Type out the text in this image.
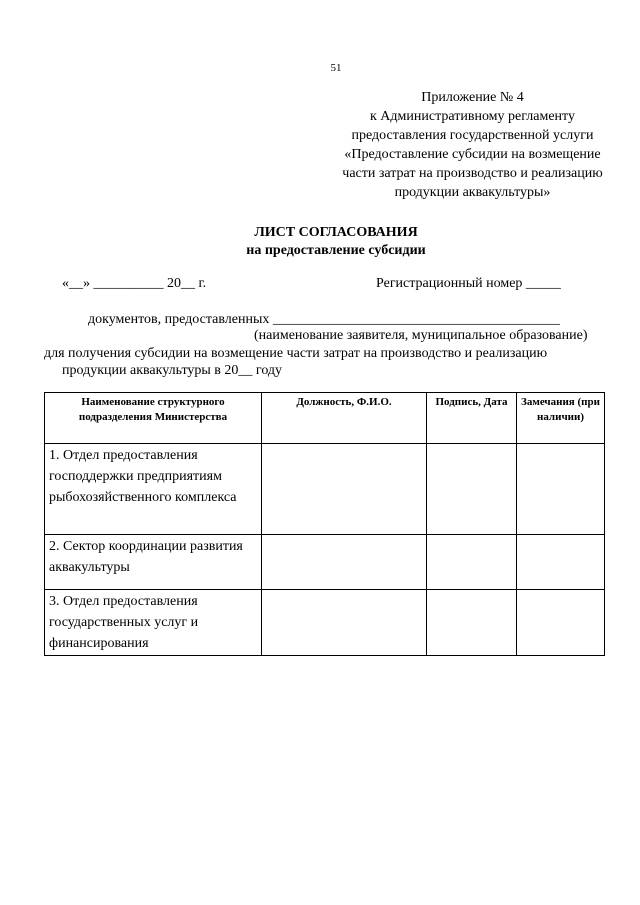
51
Приложение № 4
к Административному регламенту
предоставления государственной услуги
«Предоставление субсидии на возмещение
части затрат на производство и реализацию
продукции аквакультуры»
ЛИСТ СОГЛАСОВАНИЯ
на предоставление субсидии
«__» __________ 20__ г.	Регистрационный номер _____
документов, предоставленных _________________________________________
(наименование заявителя, муниципальное образование)
для получения субсидии на возмещение части затрат на производство и реализацию
продукции аквакультуры в 20__ году
Наименование структурного подразделения Министерства	Должность, Ф.И.О.	Подпись, Дата	Замечания (при наличии)
1. Отдел предоставления господдержки предприятиям рыбохозяйственного комплекса			
2. Сектор координации развития аквакультуры			
3. Отдел предоставления государственных услуг и финансирования			
